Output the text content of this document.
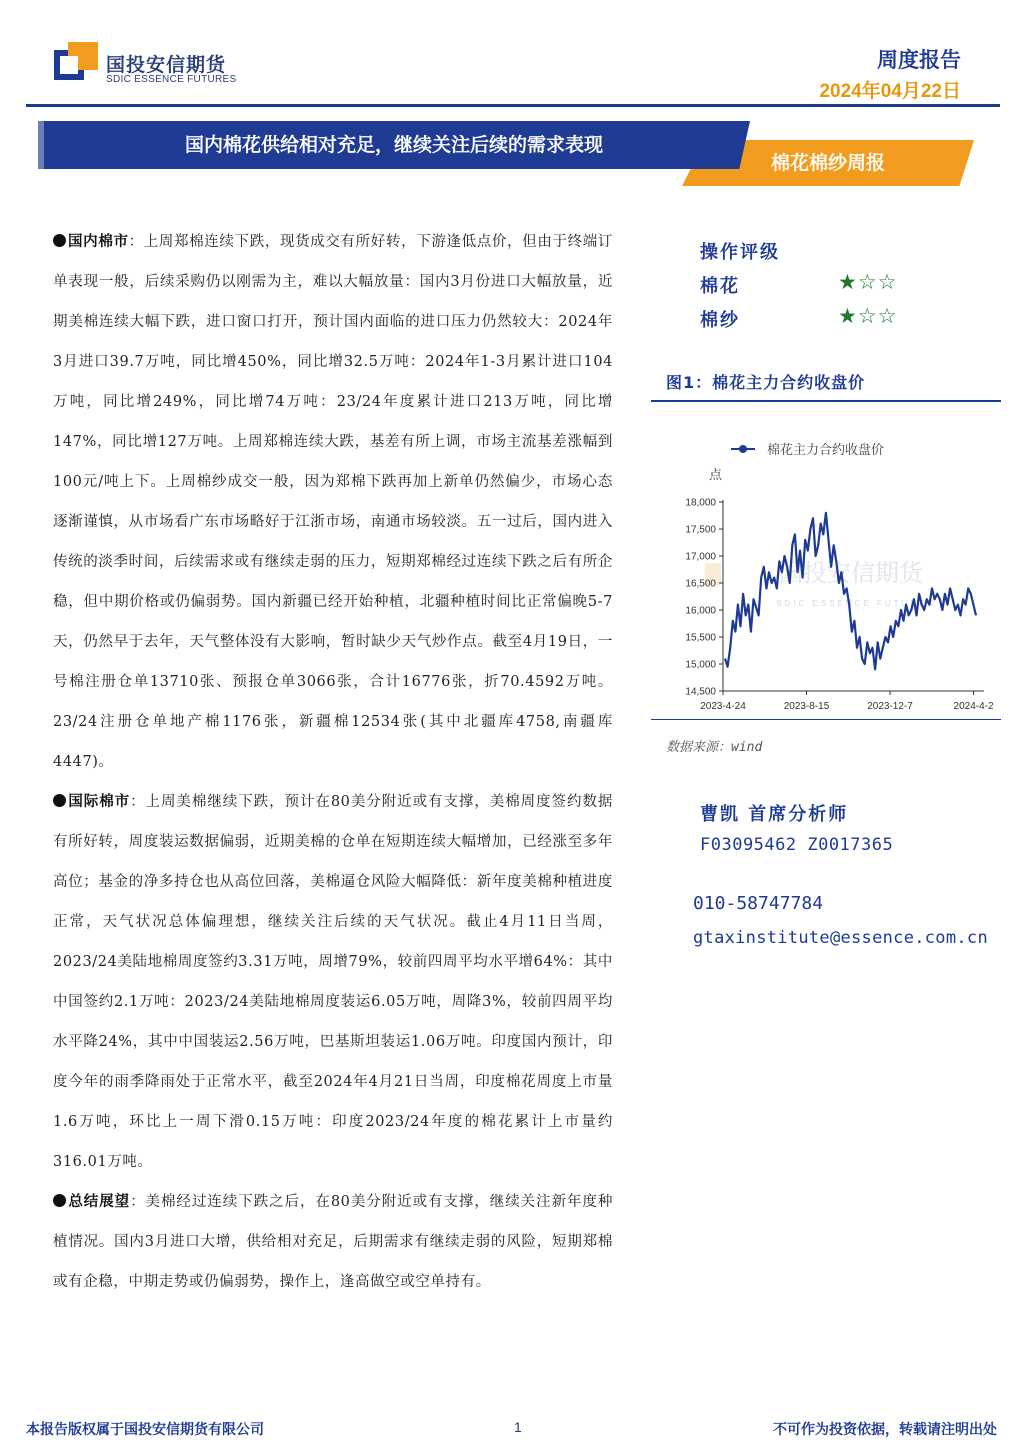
国投安信期货
SDIC ESSENCE FUTURES
周度报告
2024年04月22日
棉花棉纱周报
国内棉花供给相对充足，继续关注后续的需求表现

国内棉市：上周郑棉连续下跌，现货成交有所好转，下游逢低点价，但由于终端订单表现一般，后续采购仍以刚需为主，难以大幅放量：国内3月份进口大幅放量，近期美棉连续大幅下跌，进口窗口打开，预计国内面临的进口压力仍然较大：2024年3月进口39.7万吨，同比增450%，同比增32.5万吨：2024年1-3月累计进口104万吨，同比增249%，同比增74万吨：23/24年度累计进口213万吨，同比增147%，同比增127万吨。上周郑棉连续大跌，基差有所上调，市场主流基差涨幅到100元/吨上下。上周棉纱成交一般，因为郑棉下跌再加上新单仍然偏少，市场心态逐渐谨慎，从市场看广东市场略好于江浙市场，南通市场较淡。五一过后，国内进入传统的淡季时间，后续需求或有继续走弱的压力，短期郑棉经过连续下跌之后有所企稳，但中期价格或仍偏弱势。国内新疆已经开始种植，北疆种植时间比正常偏晚5-7天，仍然早于去年，天气整体没有大影响，暂时缺少天气炒作点。截至4月19日，一号棉注册仓单13710张、预报仓单3066张，合计16776张，折70.4592万吨。23/24注册仓单地产棉1176张，新疆棉12534张(其中北疆库4758,南疆库4447)。

国际棉市：上周美棉继续下跌，预计在80美分附近或有支撑，美棉周度签约数据有所好转，周度装运数据偏弱，近期美棉的仓单在短期连续大幅增加，已经涨至多年高位；基金的净多持仓也从高位回落，美棉逼仓风险大幅降低：新年度美棉种植进度正常，天气状况总体偏理想，继续关注后续的天气状况。截止4月11日当周，2023/24美陆地棉周度签约3.31万吨，周增79%，较前四周平均水平增64%：其中中国签约2.1万吨：2023/24美陆地棉周度装运6.05万吨，周降3%，较前四周平均水平降24%，其中中国装运2.56万吨，巴基斯坦装运1.06万吨。印度国内预计，印度今年的雨季降雨处于正常水平，截至2024年4月21日当周，印度棉花周度上市量1.6万吨，环比上一周下滑0.15万吨：印度2023/24年度的棉花累计上市量约316.01万吨。

总结展望：美棉经过连续下跌之后，在80美分附近或有支撑，继续关注新年度种植情况。国内3月进口大增，供给相对充足，后期需求有继续走弱的风险，短期郑棉或有企稳，中期走势或仍偏弱势，操作上，逢高做空或空单持有。

操作评级
棉花	★☆☆
棉纱	★☆☆
图1：棉花主力合约收盘价
国投安信期货
SDIC ESSENCE FUTURES
棉花主力合约收盘价
点
18,000
17,500
17,000
16,500
16,000
15,500
15,000
14,500
2023-4-24	2023-8-15	2023-12-7	2024-4-2
数据来源：wind
曹凯 首席分析师
F03095462 Z0017365
010-58747784
gtaxinstitute@essence.com.cn
本报告版权属于国投安信期货有限公司	1	不可作为投资依据，转载请注明出处
